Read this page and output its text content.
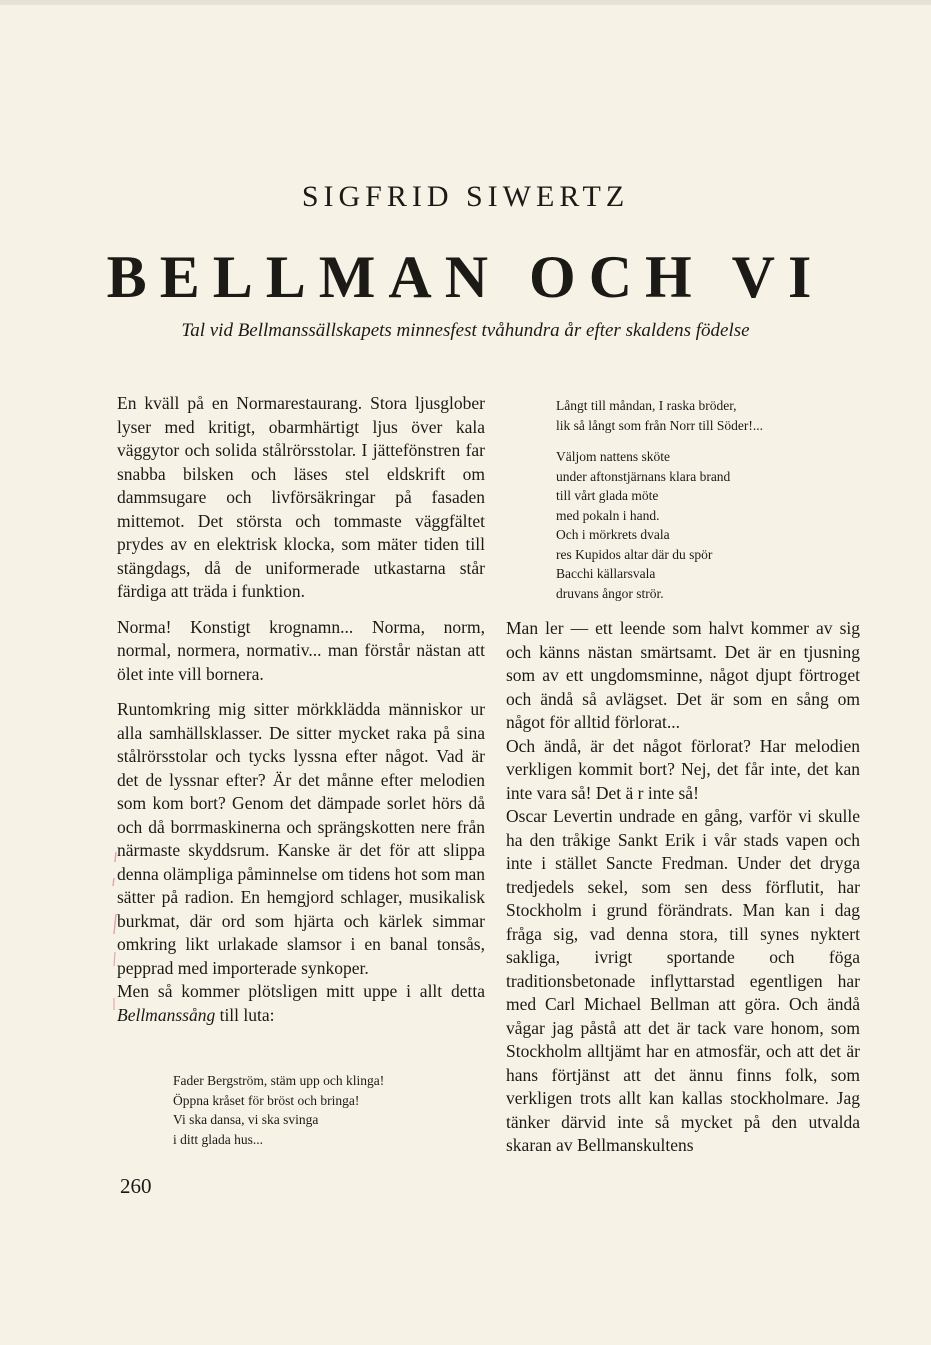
SIGFRID SIWERTZ
BELLMAN OCH VI
Tal vid Bellmanssällskapets minnesfest tvåhundra år efter skaldens födelse

En kväll på en Normarestaurang. Stora ljusglober lyser med kritigt, obarmhärtigt ljus över kala väggytor och solida stålrörsstolar. I jättefönstren far snabba bilsken och läses stel eldskrift om dammsugare och livförsäkringar på fasaden mittemot. Det största och tommaste väggfältet prydes av en elektrisk klocka, som mäter tiden till stängdags, då de uniformerade utkastarna står färdiga att träda i funktion.

Norma! Konstigt krognamn... Norma, norm, normal, normera, normativ... man förstår nästan att ölet inte vill bornera.

Runtomkring mig sitter mörkklädda människor ur alla samhällsklasser. De sitter mycket raka på sina stålrörsstolar och tycks lyssna efter något. Vad är det de lyssnar efter? Är det månne efter melodien som kom bort? Genom det dämpade sorlet hörs då och då borrmaskinerna och sprängskotten nere från närmaste skyddsrum. Kanske är det för att slippa denna olämpliga påminnelse om tidens hot som man sätter på radion. En hemgjord schlager, musikalisk burkmat, där ord som hjärta och kärlek simmar omkring likt urlakade slamsor i en banal tonsås, pepprad med importerade synkoper.

Men så kommer plötsligen mitt uppe i allt detta Bellmanssång till luta:

Fader Bergström, stäm upp och klinga!
Öppna kråset för bröst och bringa!
Vi ska dansa, vi ska svinga
i ditt glada hus...
Långt till måndan, I raska bröder,
lik så långt som från Norr till Söder!...
Väljom nattens sköte
under aftonstjärnans klara brand
till vårt glada möte
med pokaln i hand.
Och i mörkrets dvala
res Kupidos altar där du spör
Bacchi källarsvala
druvans ångor strör.

Man ler — ett leende som halvt kommer av sig och känns nästan smärtsamt. Det är en tjusning som av ett ungdomsminne, något djupt förtroget och ändå så avlägset. Det är som en sång om något för alltid förlorat...

Och ändå, är det något förlorat? Har melodien verkligen kommit bort? Nej, det får inte, det kan inte vara så! Det ä r inte så!

Oscar Levertin undrade en gång, varför vi skulle ha den tråkige Sankt Erik i vår stads vapen och inte i stället Sancte Fredman. Under det dryga tredjedels sekel, som sen dess förflutit, har Stockholm i grund förändrats. Man kan i dag fråga sig, vad denna stora, till synes nyktert sakliga, ivrigt sportande och föga traditionsbetonade inflyttarstad egentligen har med Carl Michael Bellman att göra. Och ändå vågar jag påstå att det är tack vare honom, som Stockholm alltjämt har en atmosfär, och att det är hans förtjänst att det ännu finns folk, som verkligen trots allt kan kallas stockholmare. Jag tänker därvid inte så mycket på den utvalda skaran av Bellmanskultens

260
